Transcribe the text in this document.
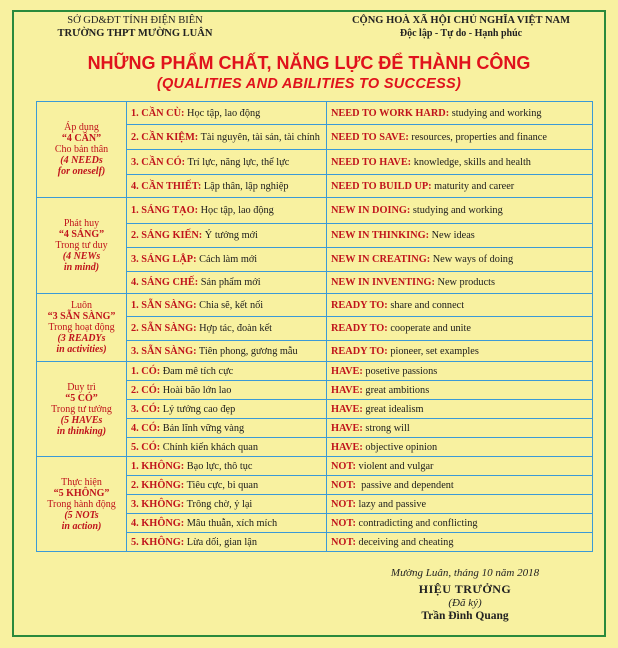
SỞ GD&ĐT TỈNH ĐIỆN BIÊN
TRƯỜNG THPT MƯỜNG LUÂN
CỘNG HOÀ XÃ HỘI CHỦ NGHĨA VIỆT NAM
Độc lập - Tự do - Hạnh phúc
NHỮNG PHẨM CHẤT, NĂNG LỰC ĐỂ THÀNH CÔNG
(QUALITIES AND ABILITIES TO SUCCESS)
Áp dụng
“4 CẦN”
Cho bản thân
(4 NEEDs
for oneself)	1. CẦN CÙ: Học tập, lao động	NEED TO WORK HARD: studying and working
	2. CẦN KIỆM: Tài nguyên, tài sản, tài chính	NEED TO SAVE: resources, properties and finance
	3. CẦN CÓ: Trí lực, năng lực, thể lực	NEED TO HAVE: knowledge, skills and health
	4. CẦN THIẾT: Lập thân, lập nghiệp	NEED TO BUILD UP: maturity and career
Phát huy
“4 SÁNG”
Trong tư duy
(4 NEWs
in mind)	1. SÁNG TẠO: Học tập, lao động	NEW IN DOING: studying and working
	2. SÁNG KIẾN: Ý tưởng mới	NEW IN THINKING: New ideas
	3. SÁNG LẬP: Cách làm mới	NEW IN CREATING: New ways of doing
	4. SÁNG CHẾ: Sản phẩm mới	NEW IN INVENTING: New products
Luôn
“3 SẴN SÀNG”
Trong hoạt động
(3 READYs
in activities)	1. SẴN SÀNG: Chia sẽ, kết nối	READY TO: share and connect
	2. SẴN SÀNG: Hợp tác, đoàn kết	READY TO: cooperate and unite
	3. SẴN SÀNG: Tiên phong, gương mẫu	READY TO: pioneer, set examples
Duy trì
“5 CÓ”
Trong tư tưởng
(5 HAVEs
in thinking)	1. CÓ: Đam mê tích cực	HAVE: posetive passions
	2. CÓ: Hoài bão lớn lao	HAVE: great ambitions
	3. CÓ: Lý tưởng cao đẹp	HAVE: great idealism
	4. CÓ: Bản lĩnh vững vàng	HAVE: strong will
	5. CÓ: Chính kiến khách quan	HAVE: objective opinion
Thực hiện
“5 KHÔNG”
Trong hành động
(5 NOTs
in action)	1. KHÔNG: Bạo lực, thô tục	NOT: violent and vulgar
	2. KHÔNG: Tiêu cực, bi quan	NOT:  passive and dependent
	3. KHÔNG: Trông chờ, ỷ lại	NOT: lazy and passive
	4. KHÔNG: Mâu thuẫn, xích mích	NOT: contradicting and conflicting
	5. KHÔNG: Lừa dối, gian lận	NOT: deceiving and cheating
Mường Luân, tháng 10 năm 2018
HIỆU TRƯỞNG
(Đã ký)
Trần Đình Quang
